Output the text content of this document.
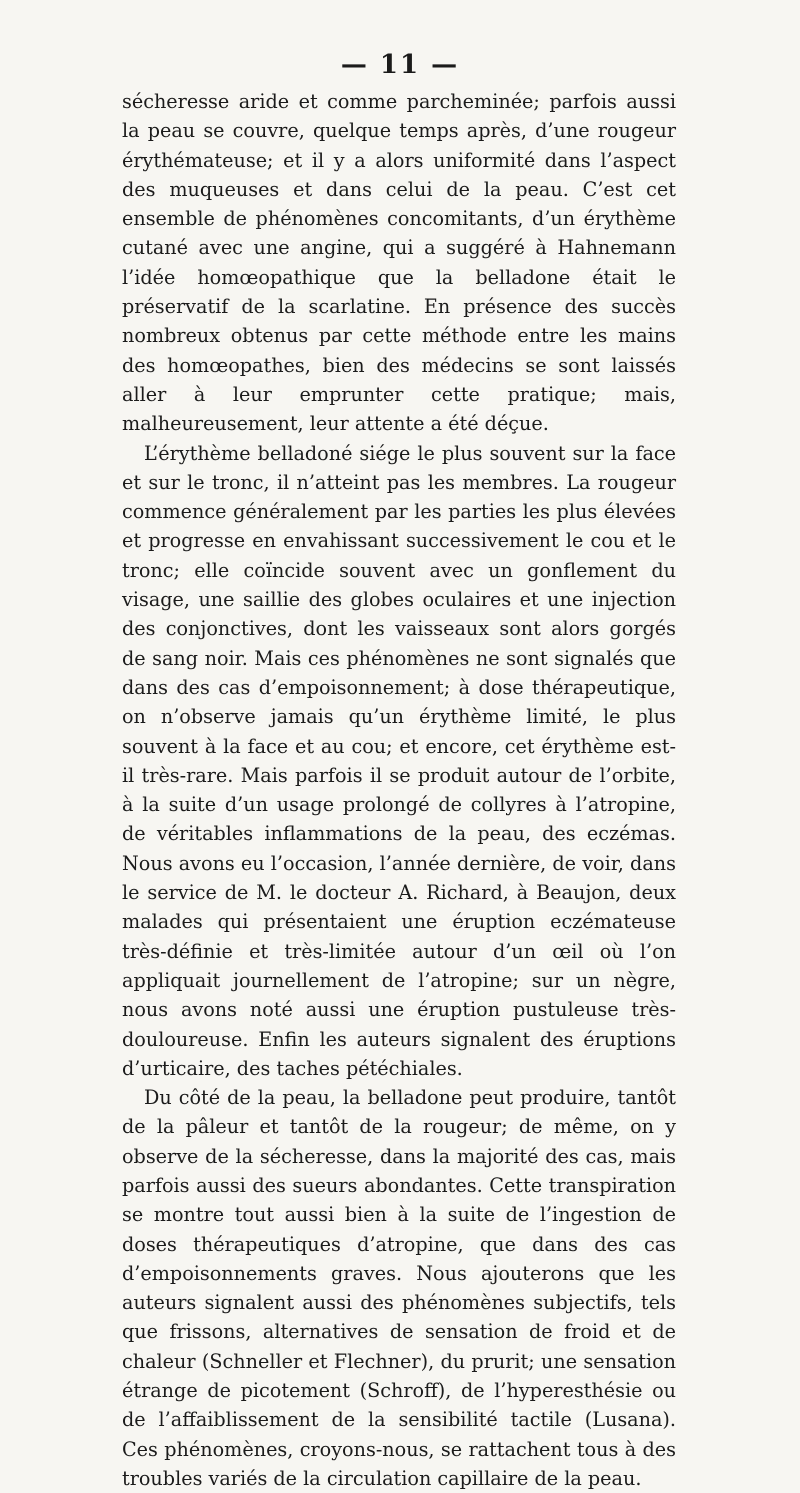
— 11 —

sécheresse aride et comme parcheminée; parfois aussi la peau se couvre, quelque temps après, d’une rougeur érythémateuse; et il y a alors uniformité dans l’aspect des muqueuses et dans celui de la peau. C’est cet ensemble de phénomènes concomitants, d’un érythème cutané avec une angine, qui a suggéré à Hahnemann l’idée homœopathique que la belladone était le préservatif de la scarlatine. En présence des succès nombreux obtenus par cette méthode entre les mains des homœopathes, bien des médecins se sont laissés aller à leur emprunter cette pratique; mais, malheureusement, leur attente a été déçue.

L’érythème belladoné siége le plus souvent sur la face et sur le tronc, il n’atteint pas les membres. La rougeur commence généralement par les parties les plus élevées et progresse en envahissant successivement le cou et le tronc; elle coïncide souvent avec un gonflement du visage, une saillie des globes oculaires et une injection des conjonctives, dont les vaisseaux sont alors gorgés de sang noir. Mais ces phénomènes ne sont signalés que dans des cas d’empoisonnement; à dose thérapeutique, on n’observe jamais qu’un érythème limité, le plus souvent à la face et au cou; et encore, cet érythème est-il très-rare. Mais parfois il se produit autour de l’orbite, à la suite d’un usage prolongé de collyres à l’atropine, de véritables inflammations de la peau, des eczémas. Nous avons eu l’occasion, l’année dernière, de voir, dans le service de M. le docteur A. Richard, à Beaujon, deux malades qui présentaient une éruption eczémateuse très-définie et très-limitée autour d’un œil où l’on appliquait journellement de l’atropine; sur un nègre, nous avons noté aussi une éruption pustuleuse très-douloureuse. Enfin les auteurs signalent des éruptions d’urticaire, des taches pétéchiales.

Du côté de la peau, la belladone peut produire, tantôt de la pâleur et tantôt de la rougeur; de même, on y observe de la sécheresse, dans la majorité des cas, mais parfois aussi des sueurs abondantes. Cette transpiration se montre tout aussi bien à la suite de l’ingestion de doses thérapeutiques d’atropine, que dans des cas d’empoisonnements graves. Nous ajouterons que les auteurs signalent aussi des phénomènes subjectifs, tels que frissons, alternatives de sensation de froid et de chaleur (Schneller et Flechner), du prurit; une sensation étrange de picotement (Schroff), de l’hyperesthésie ou de l’affaiblissement de la sensibilité tactile (Lusana). Ces phénomènes, croyons-nous, se rattachent tous à des troubles variés de la circulation capillaire de la peau.
